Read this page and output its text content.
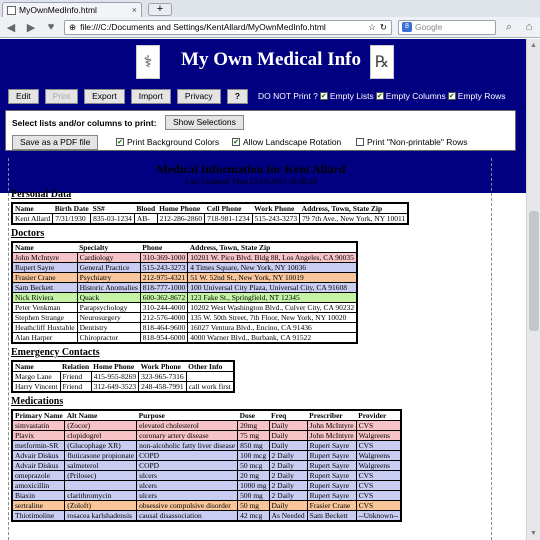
MyOwnMedInfo.html	×	+
◀ ▶	♥	⊕ file:///C:/Documents and Settings/KentAllard/MyOwnMedInfo.html	☆ ↻	8 Google	⌕	⌂
▲
▼
⚕	My Own Medical Info ℞
Edit	Print	Export	Import	Privacy	?	DO NOT Print ? ✔ Empty Lists ✔ Empty Columns ✔ Empty Rows
Select lists and/or columns to print:	Show Selections
Save as a PDF file	✔ Print Background Colors ✔ Allow Landscape Rotation	Print "Non-printable" Rows
Medical Information for Kent Allard
Last Updated: Mon 12/16/2013 18:40:20
Personal Data
Name	Birth Date	SS#	Blood	Home Phone	Cell Phone	Work Phone	Address, Town, State Zip
Kent Allard	7/31/1930	835-03-1234	AB-	212-286-2860	718-981-1234	515-243-3273	79 7th Ave., New York, NY 10011
Doctors
Name	Specialty	Phone	Address, Town, State Zip
John McIntyre	Cardiology	310-369-1000	10201 W. Pico Blvd. Bldg 88, Los Angeles, CA 90035
Rupert Sayre	General Practice	515-243-3273	4 Times Square, New York, NY 10036
Frasier Crane	Psychiatry	212-975-4321	51 W. 52nd St., New York, NY 10019
Sam Beckett	Historic Anomalies	818-777-1000	100 Universal City Plaza, Universal City, CA 91608
Nick Riviera	Quack	600-362-8672	123 Fake St., Springfield, NT 12345
Peter Venkman	Parapsychology	310-244-4000	10202 West Washington Blvd., Culver City, CA 90232
Stephen Strange	Neurosurgery	212-576-4000	135 W. 50th Street, 7th Floor, New York, NY 10020
Heathcliff Huxtable	Dentistry	818-464-9600	16027 Ventura Blvd., Encino, CA 91436
Alan Harper	Chiropractor	818-954-6000	4000 Warner Blvd., Burbank, CA 91522
Emergency Contacts
Name	Relation	Home Phone	Work Phone	Other Info
Margo Lane	Friend	415-955-8269	323-965-7316	
Harry Vincent	Friend	312-649-3523	248-458-7991	call work first
Medications
Primary Name	Alt Name	Purpose	Dose	Freq	Prescriber	Provider
simvastatin	(Zocor)	elevated cholesterol	20mg	Daily	John McIntyre	CVS
Plavix	clopidogrel	coronary artery disease	75 mg	Daily	John McIntyre	Walgreens
metformin-SR	(Glucophage XR)	non-alcoholic fatty liver disease	850 mg	Daily	Rupert Sayre	CVS
Advair Diskus	fluticasone propionate	COPD	100 mcg	2 Daily	Rupert Sayre	Walgreens
Advair Diskus	salmeterol	COPD	50 mcg	2 Daily	Rupert Sayre	Walgreens
omeprazole	(Prilosec)	ulcers	20 mg	2 Daily	Rupert Sayre	CVS
amoxicillin		ulcers	1000 mg	2 Daily	Rupert Sayre	CVS
Biaxin	clarithromycin	ulcers	500 mg	2 Daily	Rupert Sayre	CVS
sertraline	(Zoloft)	obsessive compulsive disorder	50 mg	Daily	Frasier Crane	CVS
Thiotimoline	rosacea karlshadensis	causal disassociation	42 mcg	As Needed	Sam Beckett	--Unknown--
